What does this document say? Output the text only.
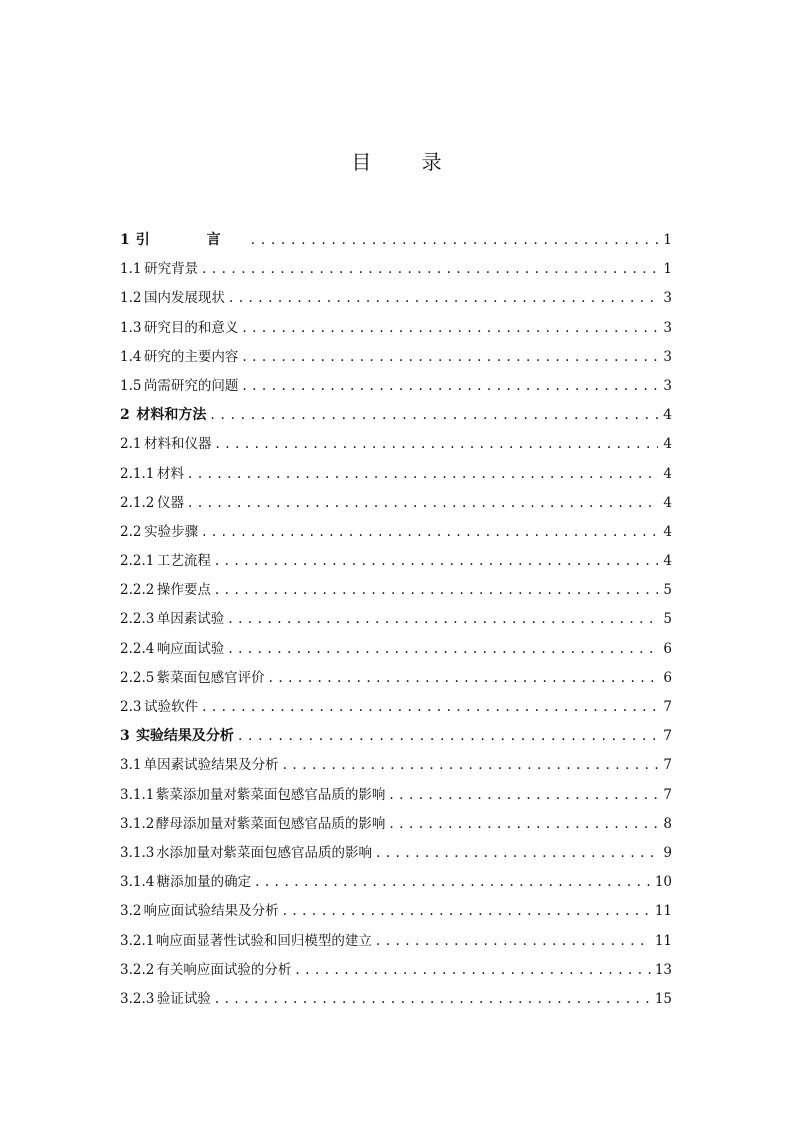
目 录
1 引 言 . . .	1
1.1 研究背景 . . .	1
1.2 国内发展现状 . . .	3
1.3 研究目的和意义 . . .	3
1.4 研究的主要内容 . . .	3
1.5 尚需研究的问题 . . .	3
2 材料和方法 . . .	4
2.1 材料和仪器 . . .	4
2.1.1 材料 . . .	4
2.1.2 仪器 . . .	4
2.2 实验步骤 . . .	4
2.2.1 工艺流程 . . .	4
2.2.2 操作要点 . . .	5
2.2.3 单因素试验 . . .	5
2.2.4 响应面试验 . . .	6
2.2.5 紫菜面包感官评价 . . .	6
2.3 试验软件 . . .	7
3 实验结果及分析 . . .	7
3.1 单因素试验结果及分析 . . .	7
3.1.1 紫菜添加量对紫菜面包感官品质的影响 . . .	7
3.1.2 酵母添加量对紫菜面包感官品质的影响 . . .	8
3.1.3 水添加量对紫菜面包感官品质的影响 . . .	9
3.1.4 糖添加量的确定 . . .	10
3.2 响应面试验结果及分析 . . .	11
3.2.1 响应面显著性试验和回归模型的建立 . . .	11
3.2.2 有关响应面试验的分析 . . .	13
3.2.3 验证试验 . . .	15
